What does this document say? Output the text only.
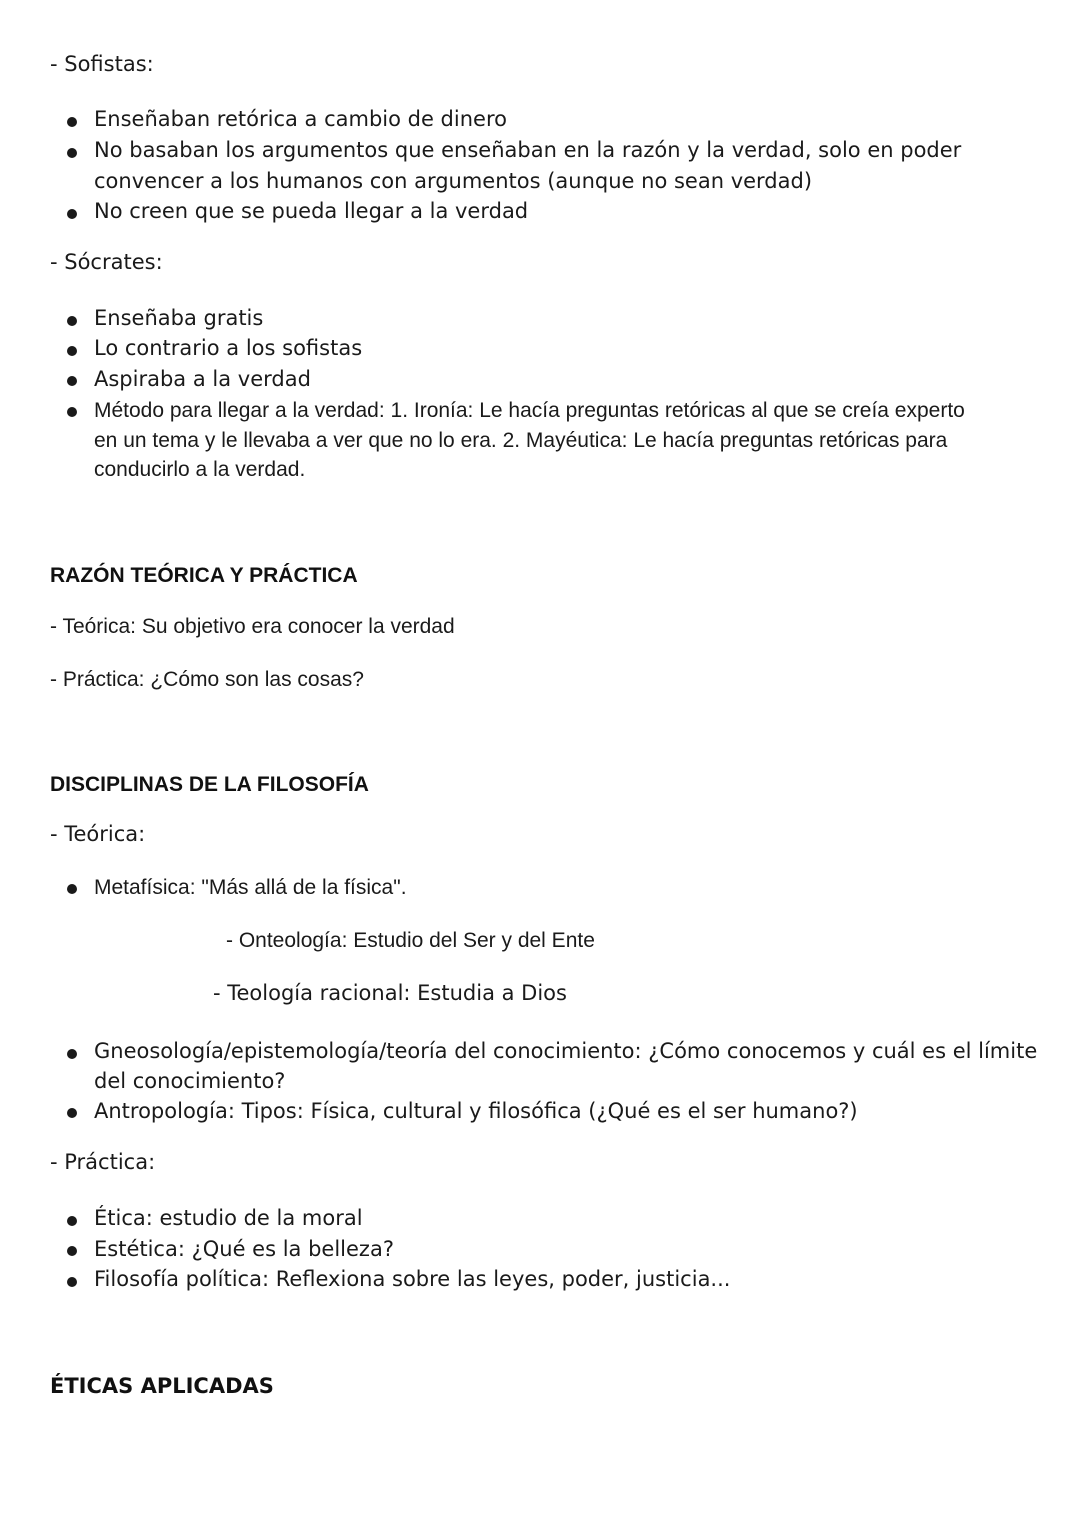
- Sofistas:

Enseñaban retórica a cambio de dinero

No basaban los argumentos que enseñaban en la razón y la verdad, solo en poder

convencer a los humanos con argumentos (aunque no sean verdad)

No creen que se pueda llegar a la verdad

- Sócrates:

Enseñaba gratis

Lo contrario a los sofistas

Aspiraba a la verdad

Método para llegar a la verdad: 1. Ironía: Le hacía preguntas retóricas al que se creía experto

en un tema y le llevaba a ver que no lo era. 2. Mayéutica: Le hacía preguntas retóricas para

conducirlo a la verdad.

RAZÓN TEÓRICA Y PRÁCTICA

- Teórica: Su objetivo era conocer la verdad

- Práctica: ¿Cómo son las cosas?

DISCIPLINAS DE LA FILOSOFÍA

- Teórica:

Metafísica: "Más allá de la física".

- Onteología: Estudio del Ser y del Ente

- Teología racional: Estudia a Dios

Gneosología/epistemología/teoría del conocimiento: ¿Cómo conocemos y cuál es el límite

del conocimiento?

Antropología: Tipos: Física, cultural y filosófica (¿Qué es el ser humano?)

- Práctica:

Ética: estudio de la moral

Estética: ¿Qué es la belleza?

Filosofía política: Reflexiona sobre las leyes, poder, justicia...

ÉTICAS APLICADAS
